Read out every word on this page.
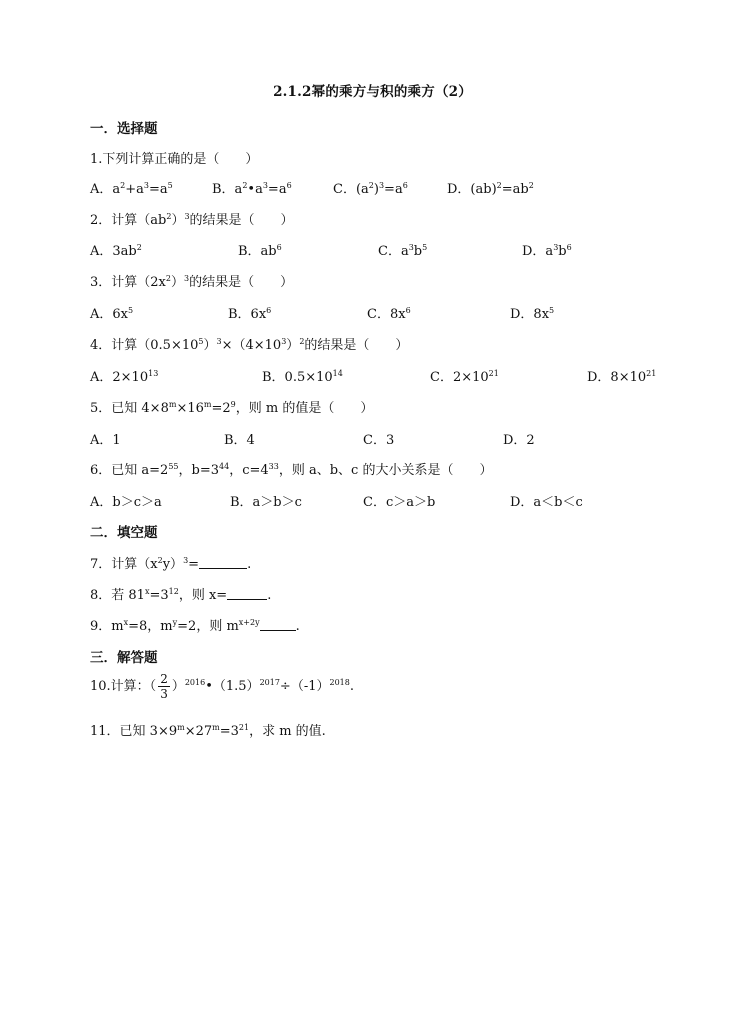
2.1.2幂的乘方与积的乘方（2）
一．选择题
1.下列计算正确的是（　　）
A．$a^2+a^3=a^5$	B．$a^2•a^3=a^6$	C．$(a^2)^3=a^6$	D．$(ab)^2=ab^2$
2．计算$(ab^2)^3$的结果是（　　）
A．$3ab^2$	B．$ab^6$	C．$a^3b^5$	D．$a^3b^6$
3．计算$(2x^2)^3$的结果是（　　）
A．$6x^5$	B．$6x^6$	C．$8x^6$	D．$8x^5$
4．计算$(0.5\times 10^5)^3\times(4\times 10^3)^2$的结果是（　　）
A．$2\times 10^{13}$	B．$0.5\times 10^{14}$	C．$2\times 10^{21}$	D．$8\times 10^{21}$
5．已知 $4\times 8^m\times 16^m=2^9$，则 m 的值是（　　）
A．1	B．4	C．3	D．2
6．已知 $a=2^{55}$，$b=3^{44}$，$c=4^{33}$，则 a、b、c 的大小关系是（　　）
A．b＞c＞a	B．a＞b＞c	C．c＞a＞b	D．a＜b＜c
二．填空题
7．计算$(x^2y)^3=$	.
8．若 $81^x=3^{12}$，则 x=	.
9．$m^x=8$，$m^y=2$，则 $m^{x+2y}$	.
三．解答题
10.计算：（ $\frac{2}{3}$ ）$^{2016}•(1.5)^{2017}\div(-1)^{2018}$.
11．已知 $3\times 9^m\times 27^m=3^{21}$，求 m 的值.
